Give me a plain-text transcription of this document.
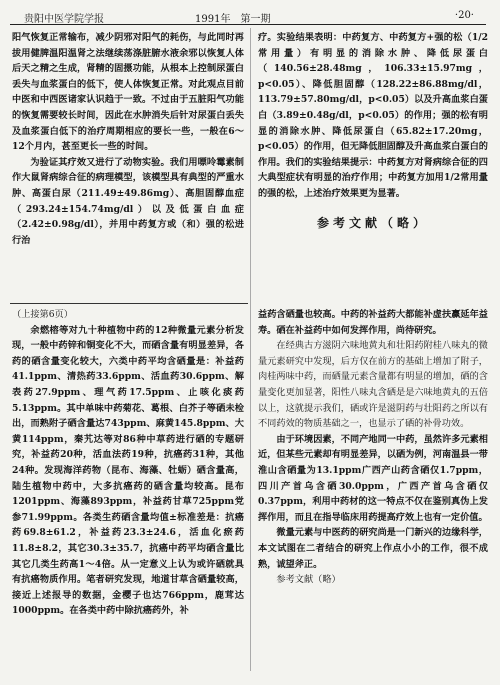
贵阳中医学院学报	1991年　第一期	·20·

阳气恢复正常输布，减少阴邪对阳气的耗伤，与此同时再拔用健脾温阳温肾之法继续荡涤脏腑水液余邪以恢复人体后天之精之生成，肾精的固摄功能，从根本上控制尿蛋白丢失与血浆蛋白的低下，使人体恢复正常。对此观点目前中医和中西医诸家认识趋于一致。不过由于五脏阳气功能的恢复需要较长时间，因此在水肿消失后针对尿蛋白丢失及血浆蛋白低下的治疗周期相应的要长一些，一般在6～12个月内，甚至更长一些的时间。

为验证其疗效又进行了动物实验。我们用嘌呤霉素制作大鼠肾病综合征的病理模型，该模型具有典型的严重水肿、高蛋白尿（211.49±49.86mg）、高胆固醇血症（293.24±154.74mg/dl）以及低蛋白血症（2.42±0.98g/dl），并用中药复方或（和）强的松进行治

疗。实验结果表明：中药复方、中药复方+强的松（1/2常用量）有明显的消除水肿、降低尿蛋白（140.56±28.48mg，106.33±15.97mg，p<0.05）、降低胆固醇（128.22±86.88mg/dl，113.79±57.80mg/dl，p<0.05）以及升高血浆白蛋白（3.89±0.48g/dl，p<0.05）的作用；强的松有明显的消除水肿、降低尿蛋白（65.82±17.20mg，p<0.05）的作用，但无降低胆固醇及升高血浆白蛋白的作用。我们的实验结果提示：中药复方对肾病综合征的四大典型症状有明显的治疗作用；中药复方加用1/2常用量的强的松，上述治疗效果更为显著。

参考文献（略）

（上接第6页）

余燃榕等对九十种植物中药的12种微量元素分析发现，一般中药锌和铜变化不大，而硒含量有明显差异，各药的硒含量变化较大，六类中药平均含硒量是：补益药41.1ppm、清热药33.6ppm、活血药30.6ppm、解表药27.9ppm、理气药17.5ppm、止咳化痰药5.13ppm。其中单味中药菊花、葛根、白芥子等硒未检出，而熟附子硒含量达743ppm、麻黄145.8ppm、大黄114ppm，秦艽达等对86种中草药进行硒的专题研究，补益药20种，活血法药19种，抗癌药31种，其他24种。发现海洋药物（昆布、海藻、牡蛎）硒含量高，陆生植物中药中，大多抗癌药的硒含量均较高。昆布1201ppm、海藻893ppm，补益药甘草725ppm党参71.99ppm。各类生药硒含量均值±标准差是：抗癌药69.8±61.2，补益药23.3±24.6，活血化瘀药11.8±8.2，其它30.3±35.7，抗癌中药平均硒含量比其它几类生药高1～4倍。从一定意义上认为或许硒就具有抗癌物质作用。笔者研究发现，地道甘草含硒量较高，接近上述报导的数据，金樱子也达766ppm，鹿茸达1000ppm。在各类中药中除抗癌药外，补

益药含硒量也较高。中药的补益药大都能补虚扶赢延年益寿。硒在补益药中如何发挥作用，尚待研究。

在经典古方滋阴六味地黄丸和壮阳药附桂八味丸的微量元素研究中发现，后方仅在前方的基础上增加了附子，肉桂两味中药，而硒量元素含量都有明显的增加，硒的含量变化更加显著，阳性八味丸含硒是是六味地黄丸的五倍以上，这就提示我们，硒或许是滋阴药与壮阳药之所以有不同药效的物质基础之一，也显示了硒的补骨功效。

由于环境因素，不同产地同一中药，虽然许多元素相近，但某些元素却有明显差异，以硒为例，河南温县一带淮山含硒量为13.1ppm广西产山药含硒仅1.7ppm，四川产首乌含硒30.0ppm，广西产首乌含硒仅0.37ppm，利用中药材的这一特点不仅在鉴别真伪上发挥作用，而且在指导临床用药提高疗效上也有一定价值。

微量元素与中医药的研究尚是一门新兴的边缘科学，本文试图在二者结合的研究上作点小小的工作，很不成熟，诚望斧正。

参考文献（略）
